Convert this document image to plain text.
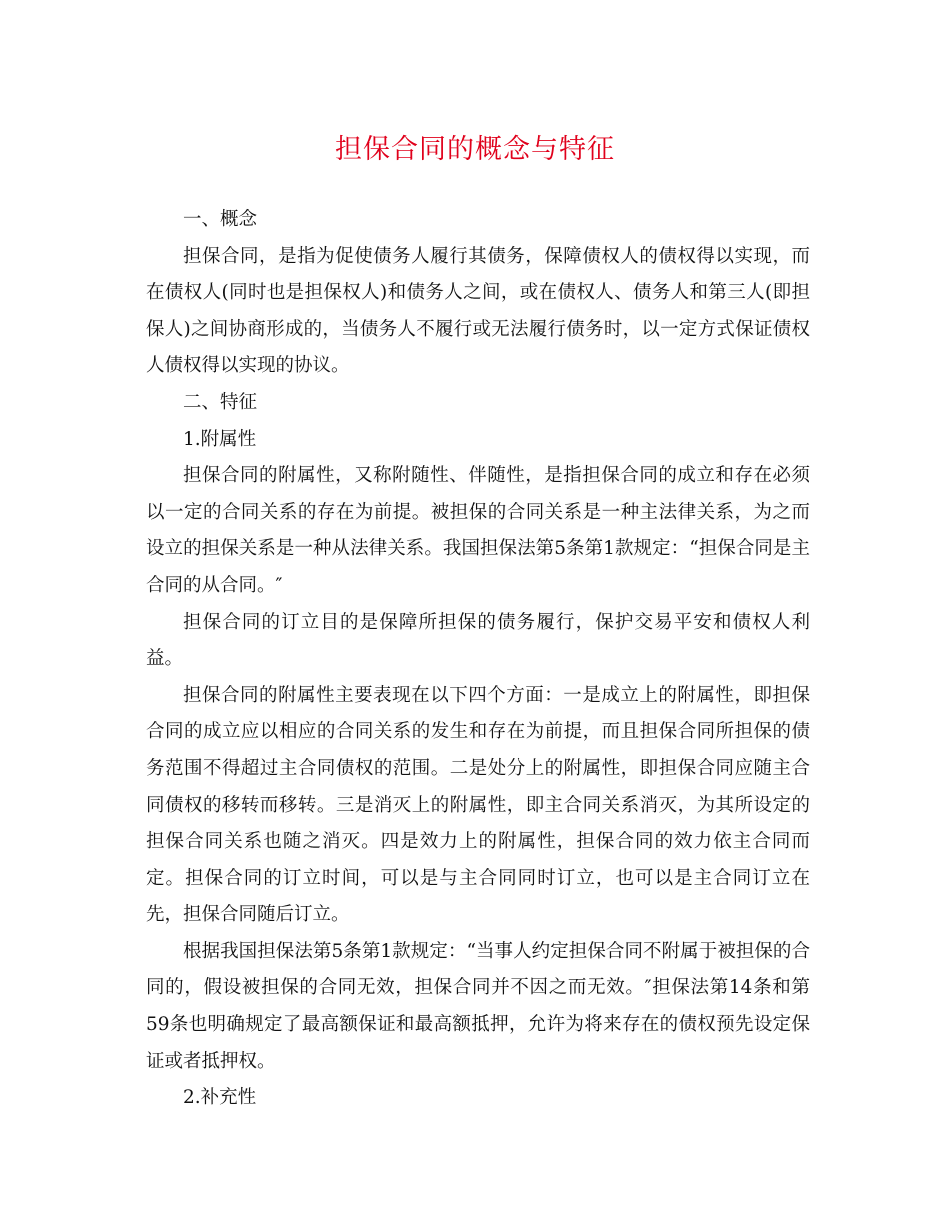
担保合同的概念与特征

一、概念

担保合同，是指为促使债务人履行其债务，保障债权人的债权得以实现，而在债权人(同时也是担保权人)和债务人之间，或在债权人、债务人和第三人(即担保人)之间协商形成的，当债务人不履行或无法履行债务时，以一定方式保证债权人债权得以实现的协议。

二、特征

1.附属性

担保合同的附属性，又称附随性、伴随性，是指担保合同的成立和存在必须以一定的合同关系的存在为前提。被担保的合同关系是一种主法律关系，为之而设立的担保关系是一种从法律关系。我国担保法第5条第1款规定：“担保合同是主合同的从合同。″

担保合同的订立目的是保障所担保的债务履行，保护交易平安和债权人利益。

担保合同的附属性主要表现在以下四个方面：一是成立上的附属性，即担保合同的成立应以相应的合同关系的发生和存在为前提，而且担保合同所担保的债务范围不得超过主合同债权的范围。二是处分上的附属性，即担保合同应随主合同债权的移转而移转。三是消灭上的附属性，即主合同关系消灭，为其所设定的担保合同关系也随之消灭。四是效力上的附属性，担保合同的效力依主合同而定。担保合同的订立时间，可以是与主合同同时订立，也可以是主合同订立在先，担保合同随后订立。

根据我国担保法第5条第1款规定：“当事人约定担保合同不附属于被担保的合同的，假设被担保的合同无效，担保合同并不因之而无效。″担保法第14条和第59条也明确规定了最高额保证和最高额抵押，允许为将来存在的债权预先设定保证或者抵押权。

2.补充性
